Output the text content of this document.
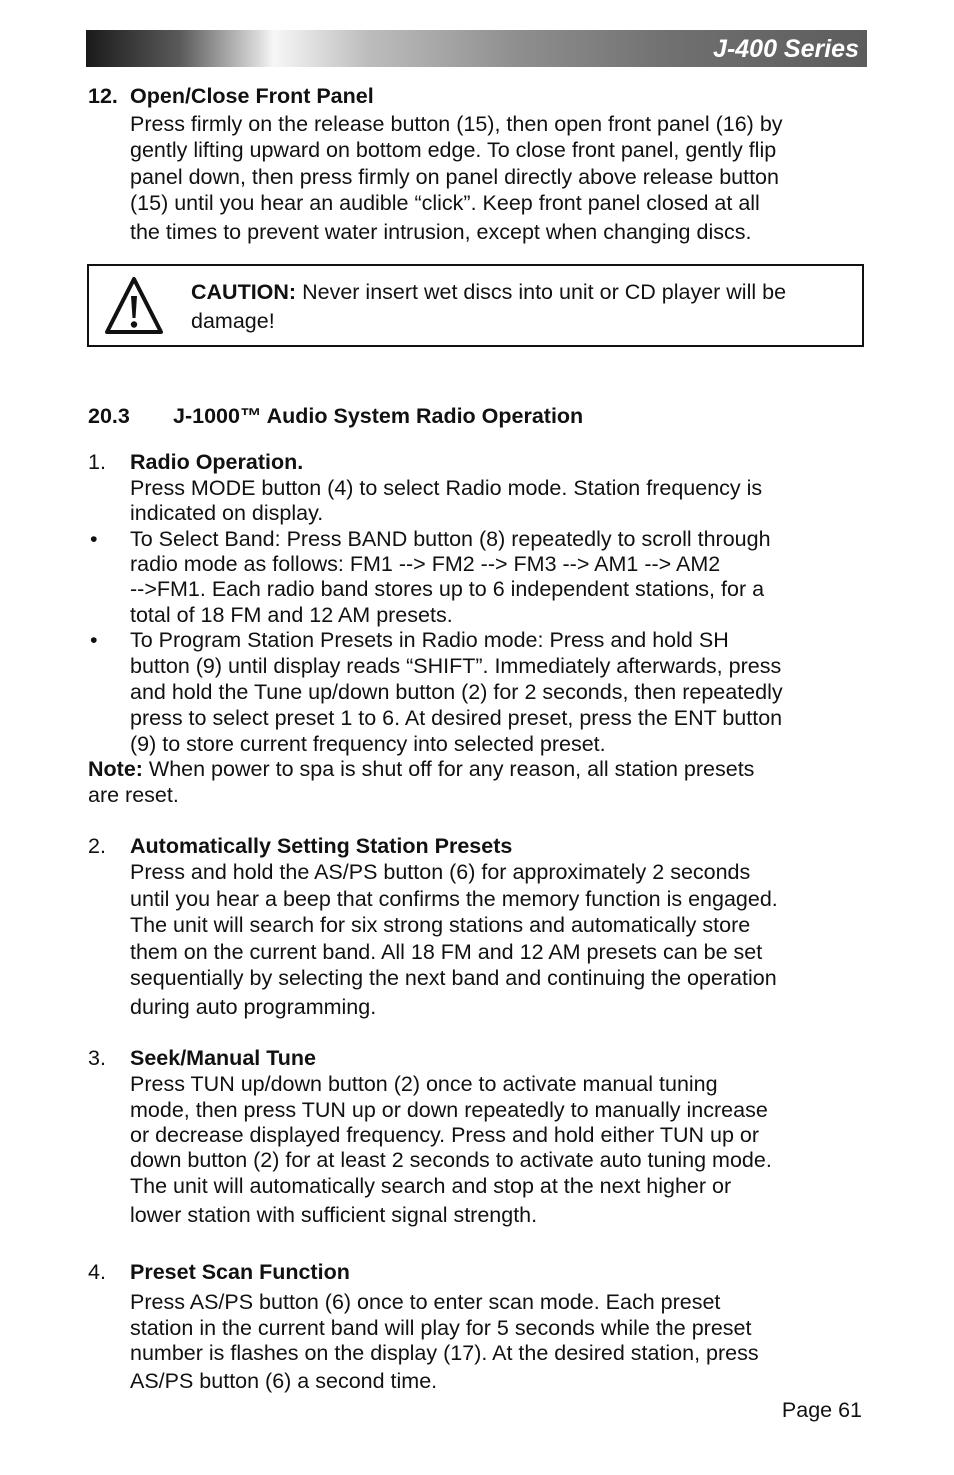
J-400 Series
12. Open/Close Front Panel
Press firmly on the release button (15), then open front panel (16) by
gently lifting upward on bottom edge. To close front panel, gently flip
panel down, then press firmly on panel directly above release button
(15) until you hear an audible “click”. Keep front panel closed at all
the times to prevent water intrusion, except when changing discs.
CAUTION: Never insert wet discs into unit or CD player will be
damage!
20.3 J-1000™ Audio System Radio Operation
1. Radio Operation.
Press MODE button (4) to select Radio mode. Station frequency is
indicated on display.
• To Select Band: Press BAND button (8) repeatedly to scroll through
radio mode as follows: FM1 --> FM2 --> FM3 --> AM1 --> AM2
-->FM1. Each radio band stores up to 6 independent stations, for a
total of 18 FM and 12 AM presets.
• To Program Station Presets in Radio mode: Press and hold SH
button (9) until display reads “SHIFT”. Immediately afterwards, press
and hold the Tune up/down button (2) for 2 seconds, then repeatedly
press to select preset 1 to 6. At desired preset, press the ENT button
(9) to store current frequency into selected preset.
Note: When power to spa is shut off for any reason, all station presets
are reset.
2. Automatically Setting Station Presets
Press and hold the AS/PS button (6) for approximately 2 seconds
until you hear a beep that confirms the memory function is engaged.
The unit will search for six strong stations and automatically store
them on the current band. All 18 FM and 12 AM presets can be set
sequentially by selecting the next band and continuing the operation
during auto programming.
3. Seek/Manual Tune
Press TUN up/down button (2) once to activate manual tuning
mode, then press TUN up or down repeatedly to manually increase
or decrease displayed frequency. Press and hold either TUN up or
down button (2) for at least 2 seconds to activate auto tuning mode.
The unit will automatically search and stop at the next higher or
lower station with sufficient signal strength.
4. Preset Scan Function
Press AS/PS button (6) once to enter scan mode. Each preset
station in the current band will play for 5 seconds while the preset
number is flashes on the display (17). At the desired station, press
AS/PS button (6) a second time.
Page 61
